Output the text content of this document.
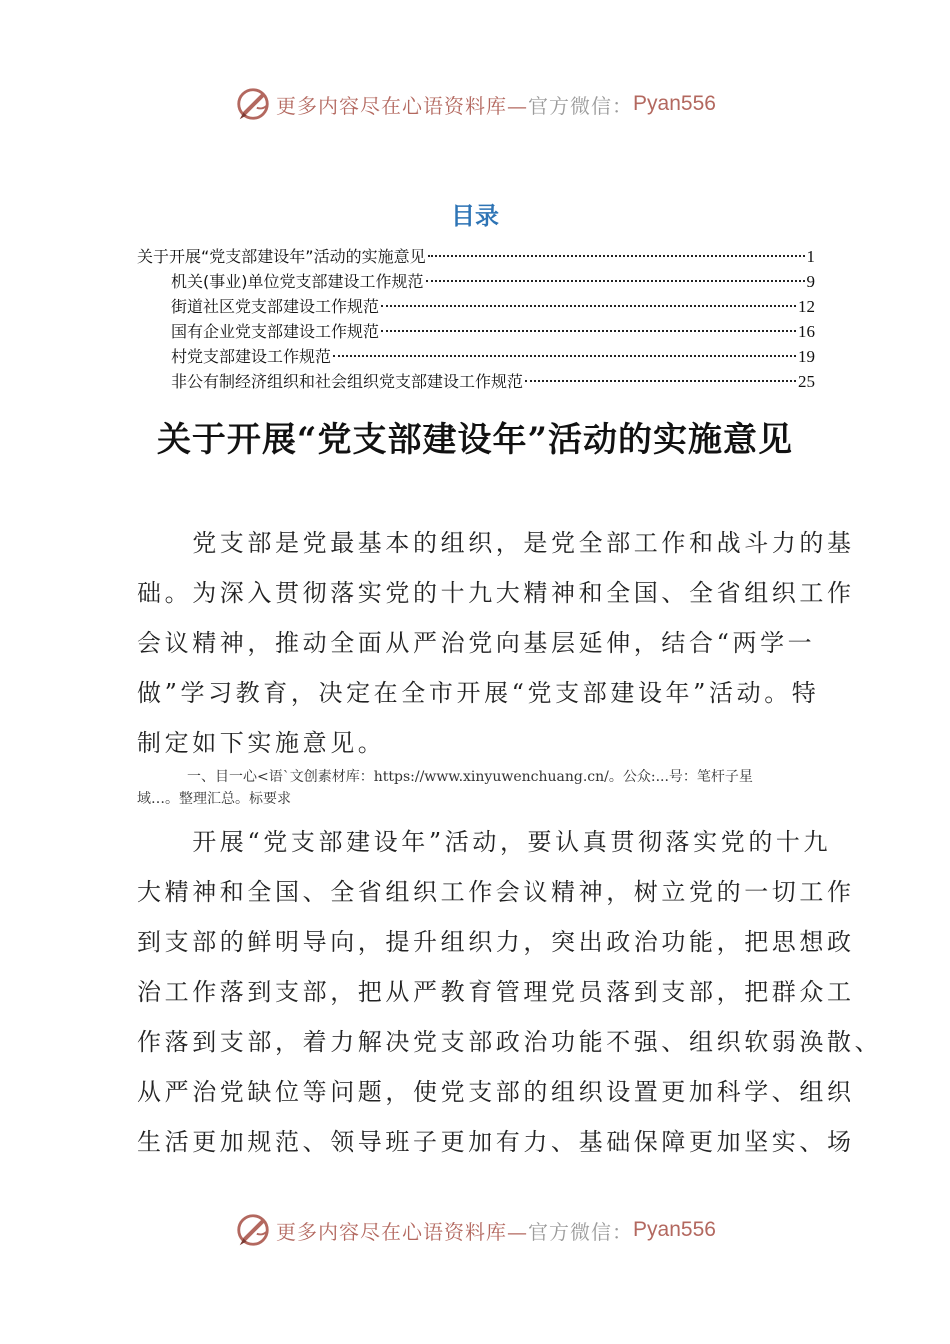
更多内容尽在心语资料库— 官方微信： Pyan556
目录
关于开展“党支部建设年”活动的实施意见	1
机关(事业)单位党支部建设工作规范	9
街道社区党支部建设工作规范	12
国有企业党支部建设工作规范	16
村党支部建设工作规范	19
非公有制经济组织和社会组织党支部建设工作规范	25
关于开展“党支部建设年”活动的实施意见
　　党支部是党最基本的组织，是党全部工作和战斗力的基
础。为深入贯彻落实党的十九大精神和全国、全省组织工作
会议精神，推动全面从严治党向基层延伸，结合“两学一
做”学习教育，决定在全市开展“党支部建设年”活动。特
制定如下实施意见。
一、目一心<语`文创素材库：https://www.xinyuwenchuang.cn/。公众:...号：笔杆子星
域…。整理汇总。标要求
　　开展“党支部建设年”活动，要认真贯彻落实党的十九
大精神和全国、全省组织工作会议精神，树立党的一切工作
到支部的鲜明导向，提升组织力，突出政治功能，把思想政
治工作落到支部，把从严教育管理党员落到支部，把群众工
作落到支部，着力解决党支部政治功能不强、组织软弱涣散、
从严治党缺位等问题，使党支部的组织设置更加科学、组织
生活更加规范、领导班子更加有力、基础保障更加坚实、场
更多内容尽在心语资料库— 官方微信： Pyan556
